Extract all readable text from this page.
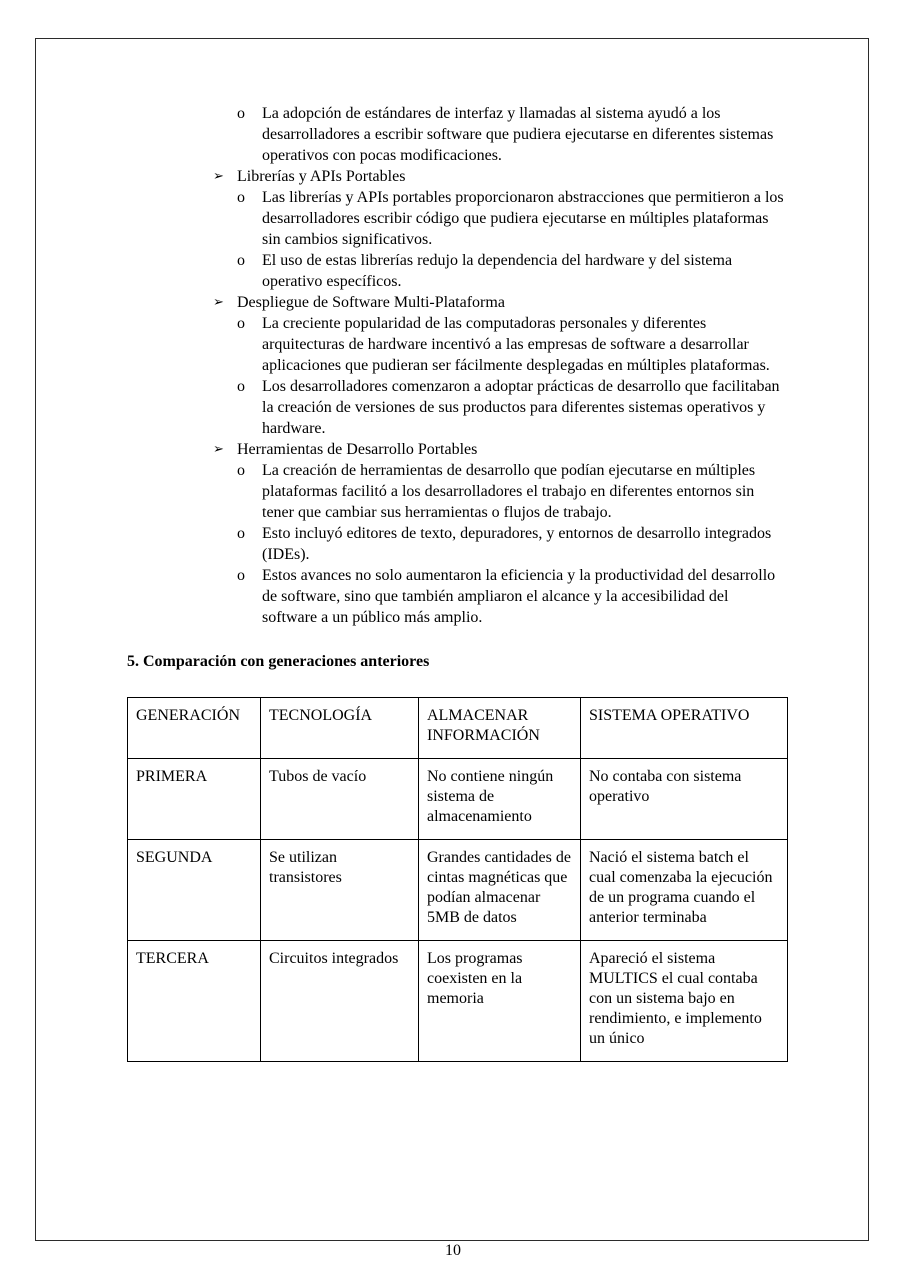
o	La adopción de estándares de interfaz y llamadas al sistema ayudó a los desarrolladores a escribir software que pudiera ejecutarse en diferentes sistemas operativos con pocas modificaciones.
➢ Librerías y APIs Portables
o	Las librerías y APIs portables proporcionaron abstracciones que permitieron a los desarrolladores escribir código que pudiera ejecutarse en múltiples plataformas sin cambios significativos.
o	El uso de estas librerías redujo la dependencia del hardware y del sistema operativo específicos.
➢ Despliegue de Software Multi-Plataforma
o	La creciente popularidad de las computadoras personales y diferentes arquitecturas de hardware incentivó a las empresas de software a desarrollar aplicaciones que pudieran ser fácilmente desplegadas en múltiples plataformas.
o	Los desarrolladores comenzaron a adoptar prácticas de desarrollo que facilitaban la creación de versiones de sus productos para diferentes sistemas operativos y hardware.
➢ Herramientas de Desarrollo Portables
o	La creación de herramientas de desarrollo que podían ejecutarse en múltiples plataformas facilitó a los desarrolladores el trabajo en diferentes entornos sin tener que cambiar sus herramientas o flujos de trabajo.
o	Esto incluyó editores de texto, depuradores, y entornos de desarrollo integrados (IDEs).
o	Estos avances no solo aumentaron la eficiencia y la productividad del desarrollo de software, sino que también ampliaron el alcance y la accesibilidad del software a un público más amplio.
5. Comparación con generaciones anteriores
GENERACIÓN	TECNOLOGÍA	ALMACENAR INFORMACIÓN	SISTEMA OPERATIVO
PRIMERA	Tubos de vacío	No contiene ningún sistema de almacenamiento	No contaba con sistema operativo
SEGUNDA	Se utilizan transistores	Grandes cantidades de cintas magnéticas que podían almacenar 5MB de datos	Nació el sistema batch el cual comenzaba la ejecución de un programa cuando el anterior terminaba
TERCERA	Circuitos integrados	Los programas coexisten en la memoria	Apareció el sistema MULTICS el cual contaba con un sistema bajo en rendimiento, e implemento un único
10
